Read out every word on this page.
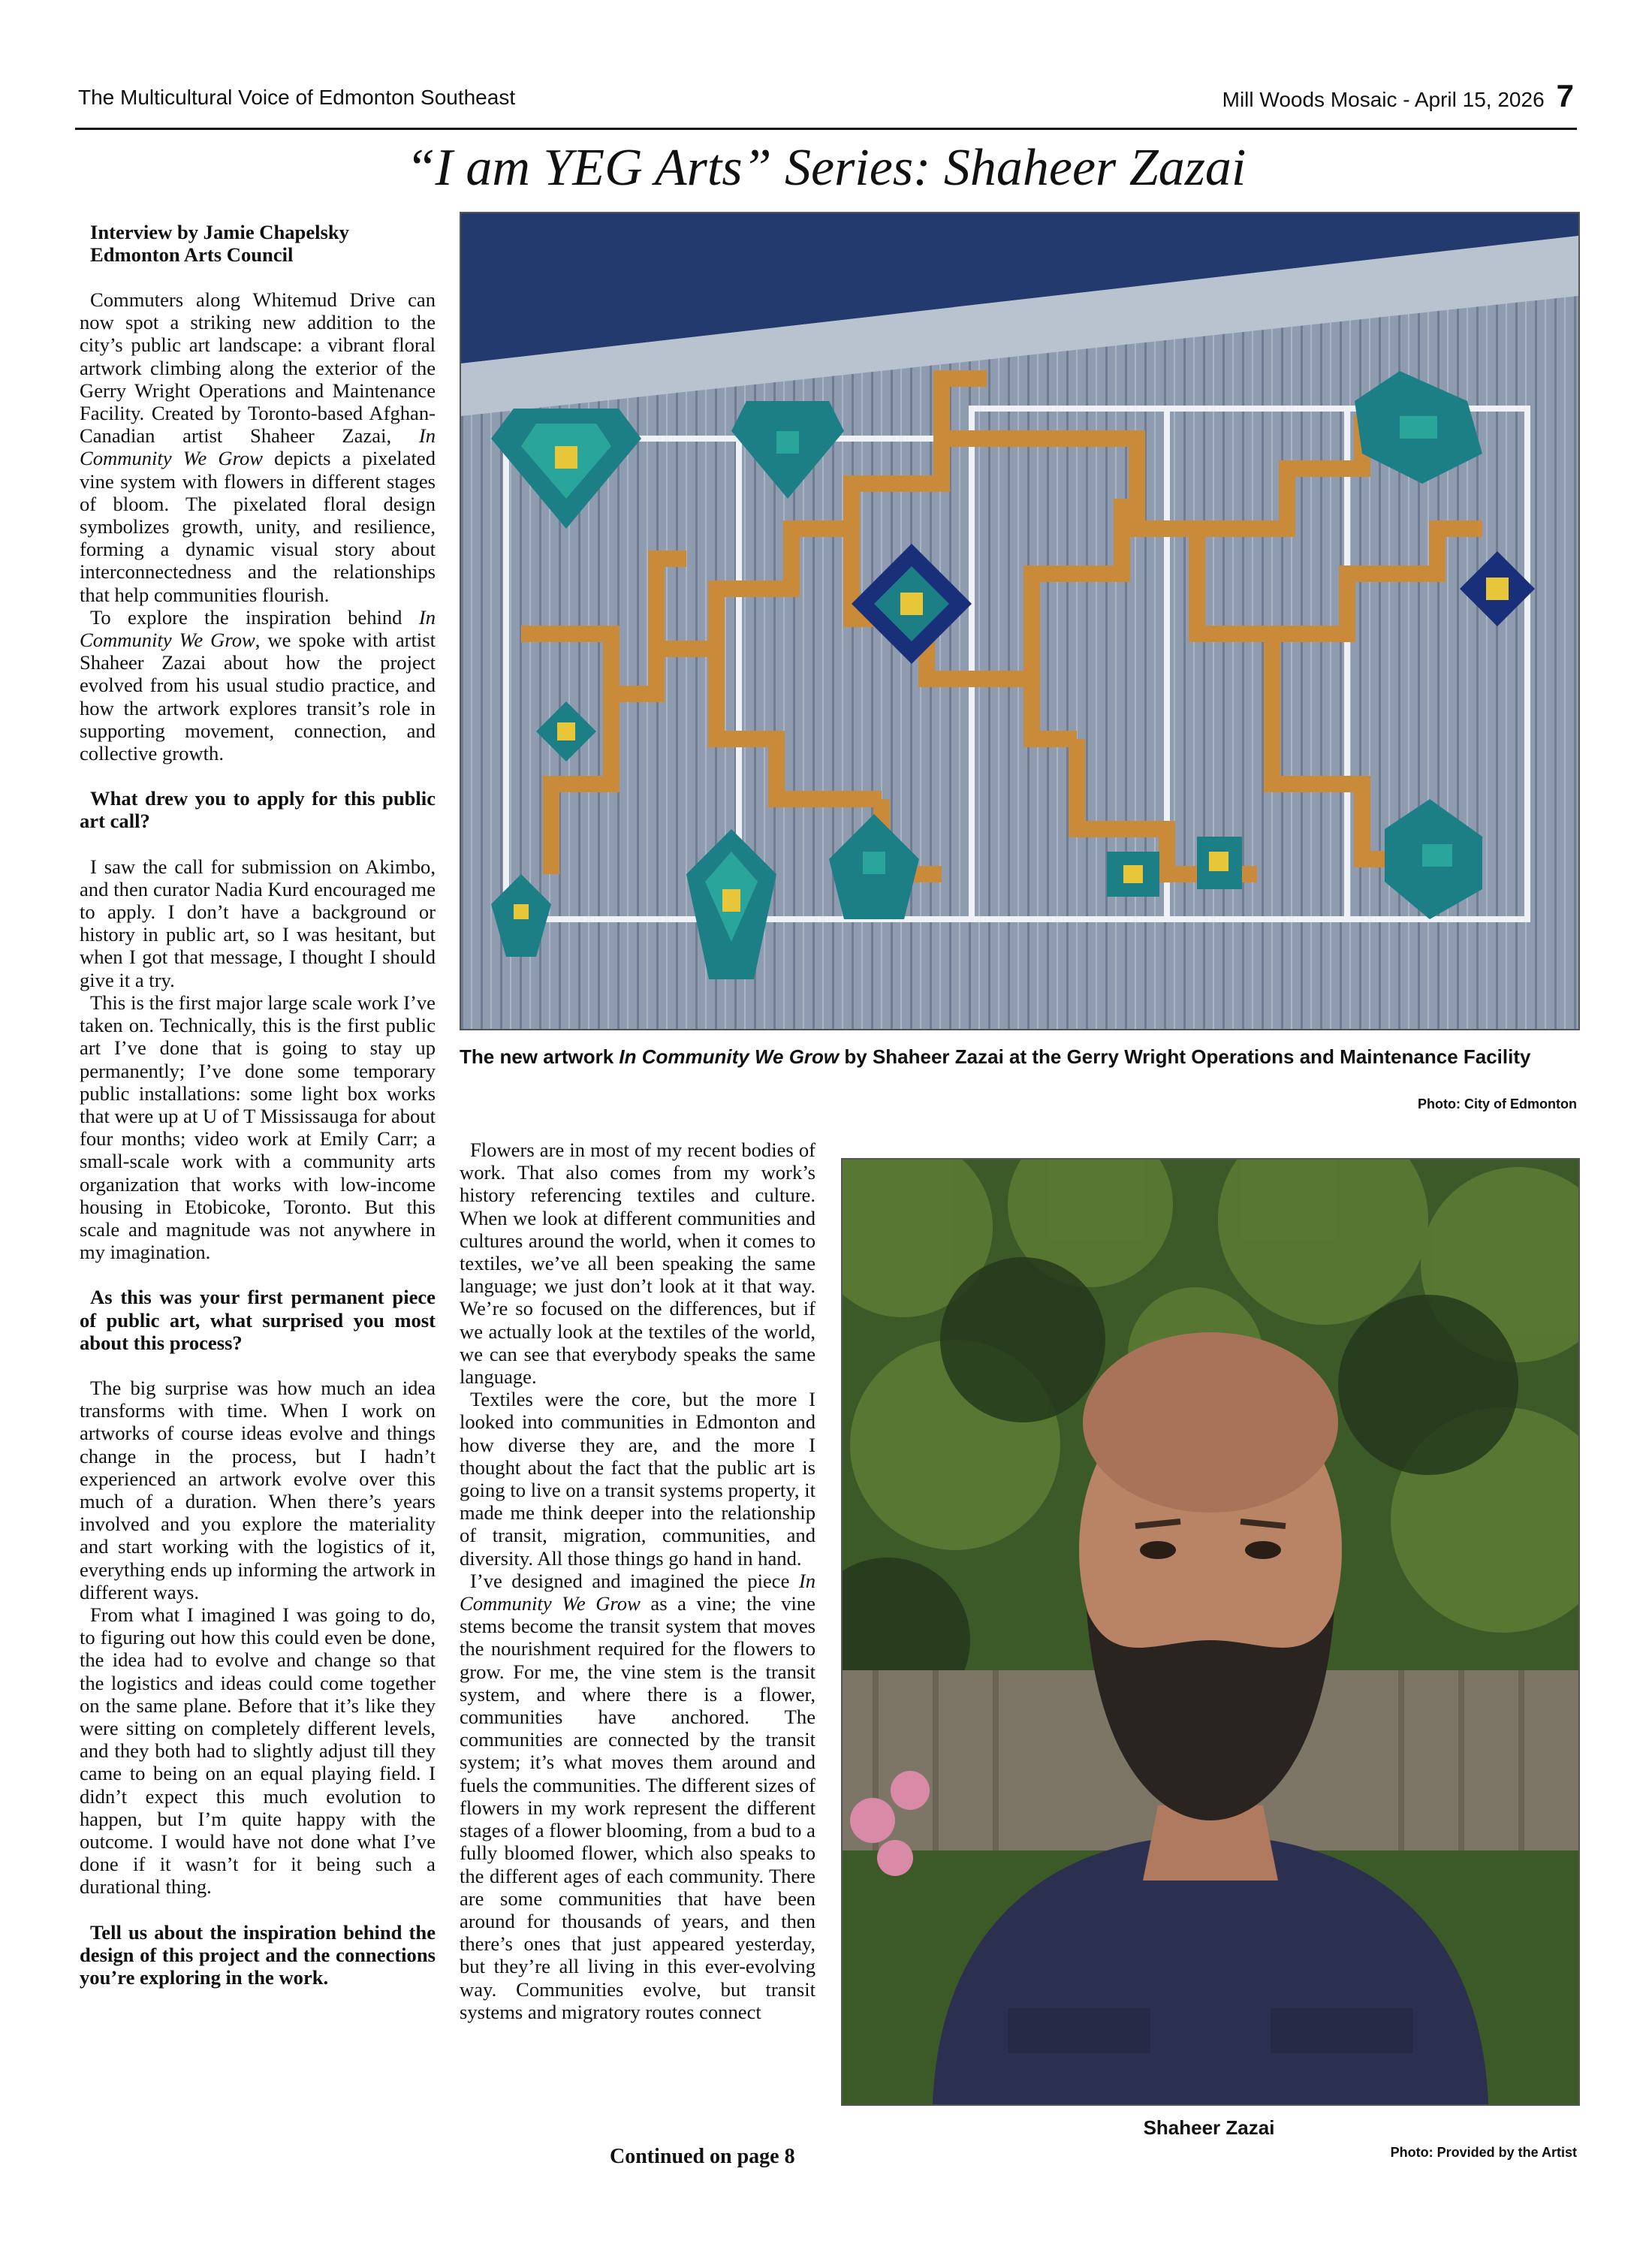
The Multicultural Voice of Edmonton Southeast	Mill Woods Mosaic - April 15, 2026 7
“I am YEG Arts” Series: Shaheer Zazai
Interview by Jamie Chapelsky
Edmonton Arts Council

Commuters along Whitemud Drive can now spot a striking new addition to the city’s public art landscape: a vibrant floral artwork climbing along the exterior of the Gerry Wright Operations and Maintenance Facility. Created by Toronto-based Afghan-Canadian artist Shaheer Zazai, In Community We Grow depicts a pixelated vine system with flowers in different stages of bloom. The pixelated floral design symbolizes growth, unity, and resilience, forming a dynamic visual story about interconnectedness and the relationships that help communities flourish.

To explore the inspiration behind In Community We Grow, we spoke with artist Shaheer Zazai about how the project evolved from his usual studio practice, and how the artwork explores transit’s role in supporting movement, connection, and collective growth.

What drew you to apply for this public art call?

I saw the call for submission on Akimbo, and then curator Nadia Kurd encouraged me to apply. I don’t have a background or history in public art, so I was hesitant, but when I got that message, I thought I should give it a try.

This is the first major large scale work I’ve taken on. Technically, this is the first public art I’ve done that is going to stay up permanently; I’ve done some temporary public installations: some light box works that were up at U of T Mississauga for about four months; video work at Emily Carr; a small-scale work with a community arts organization that works with low-income housing in Etobicoke, Toronto. But this scale and magnitude was not anywhere in my imagination.

As this was your first permanent piece of public art, what surprised you most about this process?

The big surprise was how much an idea transforms with time. When I work on artworks of course ideas evolve and things change in the process, but I hadn’t experienced an artwork evolve over this much of a duration. When there’s years involved and you explore the materiality and start working with the logistics of it, everything ends up informing the artwork in different ways.

From what I imagined I was going to do, to figuring out how this could even be done, the idea had to evolve and change so that the logistics and ideas could come together on the same plane. Before that it’s like they were sitting on completely different levels, and they both had to slightly adjust till they came to being on an equal playing field. I didn’t expect this much evolution to happen, but I’m quite happy with the outcome. I would have not done what I’ve done if it wasn’t for it being such a durational thing.

Tell us about the inspiration behind the design of this project and the connections you’re exploring in the work.

The new artwork In Community We Grow by Shaheer Zazai at the Gerry Wright Operations and Maintenance Facility
Photo: City of Edmonton

Flowers are in most of my recent bodies of work. That also comes from my work’s history referencing textiles and culture. When we look at different communities and cultures around the world, when it comes to textiles, we’ve all been speaking the same language; we just don’t look at it that way. We’re so focused on the differences, but if we actually look at the textiles of the world, we can see that everybody speaks the same language.

Textiles were the core, but the more I looked into communities in Edmonton and how diverse they are, and the more I thought about the fact that the public art is going to live on a transit systems property, it made me think deeper into the relationship of transit, migration, communities, and diversity. All those things go hand in hand.

I’ve designed and imagined the piece In Community We Grow as a vine; the vine stems become the transit system that moves the nourishment required for the flowers to grow. For me, the vine stem is the transit system, and where there is a flower, communities have anchored. The communities are connected by the transit system; it’s what moves them around and fuels the communities. The different sizes of flowers in my work represent the different stages of a flower blooming, from a bud to a fully bloomed flower, which also speaks to the different ages of each community. There are some communities that have been around for thousands of years, and then there’s ones that just appeared yesterday, but they’re all living in this ever-evolving way. Communities evolve, but transit systems and migratory routes connect

Continued on page 8
Shaheer Zazai
Photo: Provided by the Artist
